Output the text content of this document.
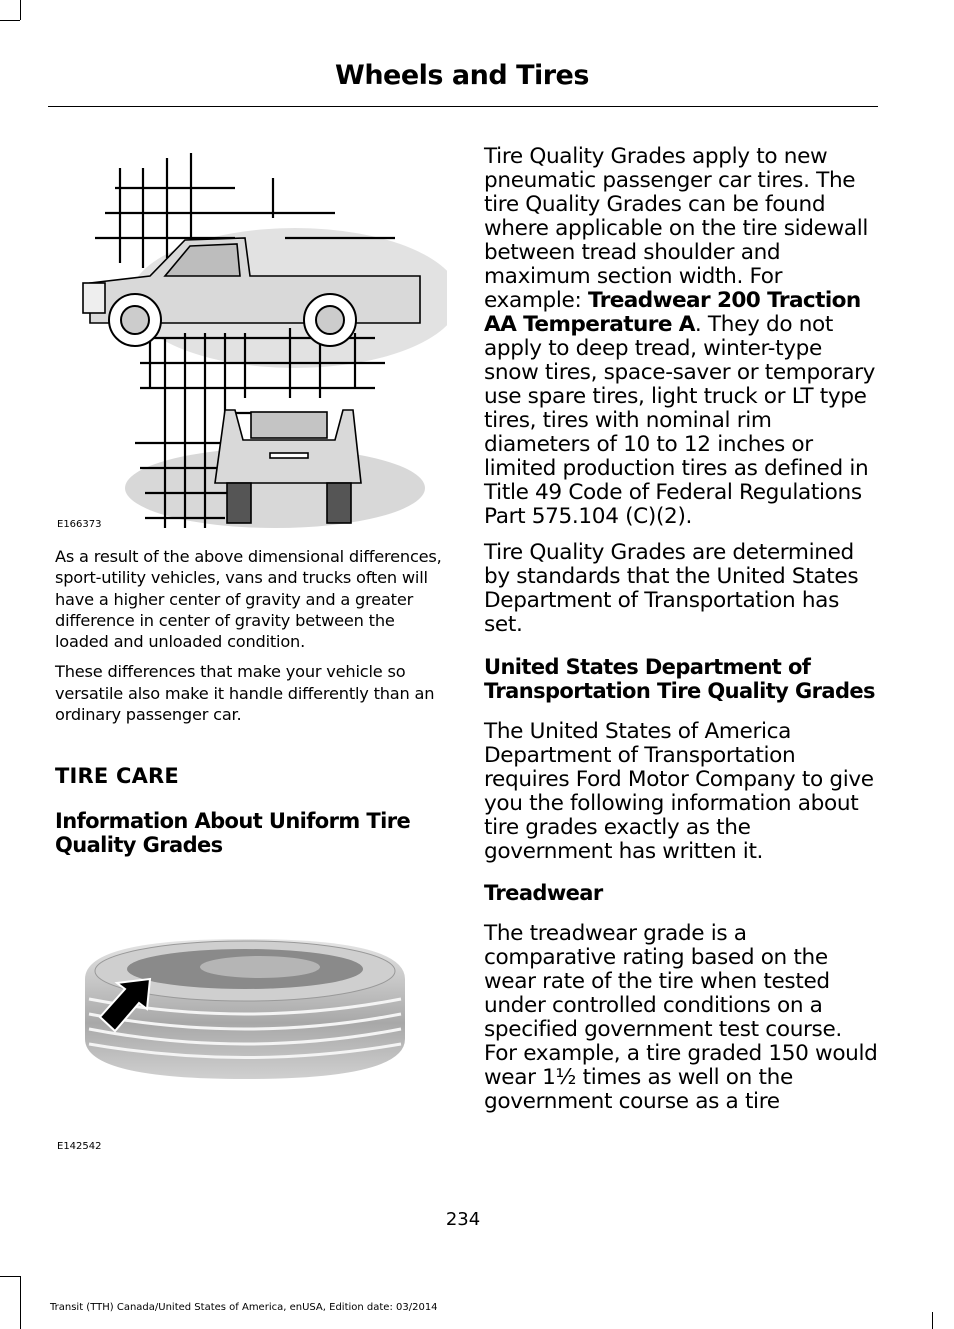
Wheels and Tires
E166373

As a result of the above dimensional differences, sport-utility vehicles, vans and trucks often will have a higher center of gravity and a greater difference in center of gravity between the loaded and unloaded condition.

These differences that make your vehicle so versatile also make it handle differently than an ordinary passenger car.

TIRE CARE
Information About Uniform Tire Quality Grades
E142542

Tire Quality Grades apply to new pneumatic passenger car tires. The tire Quality Grades can be found where applicable on the tire sidewall between tread shoulder and maximum section width. For example: Treadwear 200 Traction AA Temperature A. They do not apply to deep tread, winter-type snow tires, space-saver or temporary use spare tires, light truck or LT type tires, tires with nominal rim diameters of 10 to 12 inches or limited production tires as defined in Title 49 Code of Federal Regulations Part 575.104 (C)(2).

Tire Quality Grades are determined by standards that the United States Department of Transportation has set.

United States Department of Transportation Tire Quality Grades

The United States of America Department of Transportation requires Ford Motor Company to give you the following information about tire grades exactly as the government has written it.

Treadwear

The treadwear grade is a comparative rating based on the wear rate of the tire when tested under controlled conditions on a specified government test course. For example, a tire graded 150 would wear 1½ times as well on the government course as a tire

234
Transit (TTH) Canada/United States of America, enUSA, Edition date: 03/2014
